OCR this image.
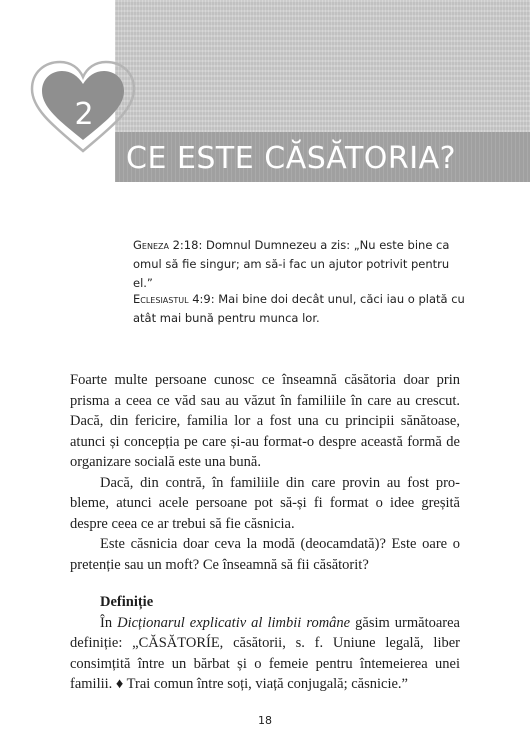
2
CE ESTE CĂSĂTORIA?
Geneza 2:18: Domnul Dumnezeu a zis: „Nu este bine ca omul să fie singur; am să-i fac un ajutor potrivit pentru el.”
Eclesiastul 4:9: Mai bine doi decât unul, căci iau o plată cu atât mai bună pentru munca lor.

Foarte multe persoane cunosc ce înseamnă căsătoria doar prin prisma a ceea ce văd sau au văzut în familiile în care au crescut. Dacă, din fericire, familia lor a fost una cu principii sănătoase, atunci și concepția pe care și-au format-o despre această formă de organizare socială este una bună.

Dacă, din contră, în familiile din care provin au fost probleme, atunci acele persoane pot să-și fi format o idee greșită despre ceea ce ar trebui să fie căsnicia.

Este căsnicia doar ceva la modă (deocamdată)? Este oare o pretenție sau un moft? Ce înseamnă să fii căsătorit?

Definiție

În Dicționarul explicativ al limbii române găsim următoarea definiție: „CĂSĂTORÍE, căsătorii, s. f. Uniune legală, liber consimțită între un bărbat și o femeie pentru întemeierea unei familii. ♦ Trai comun între soți, viață conjugală; căsnicie.”

18
